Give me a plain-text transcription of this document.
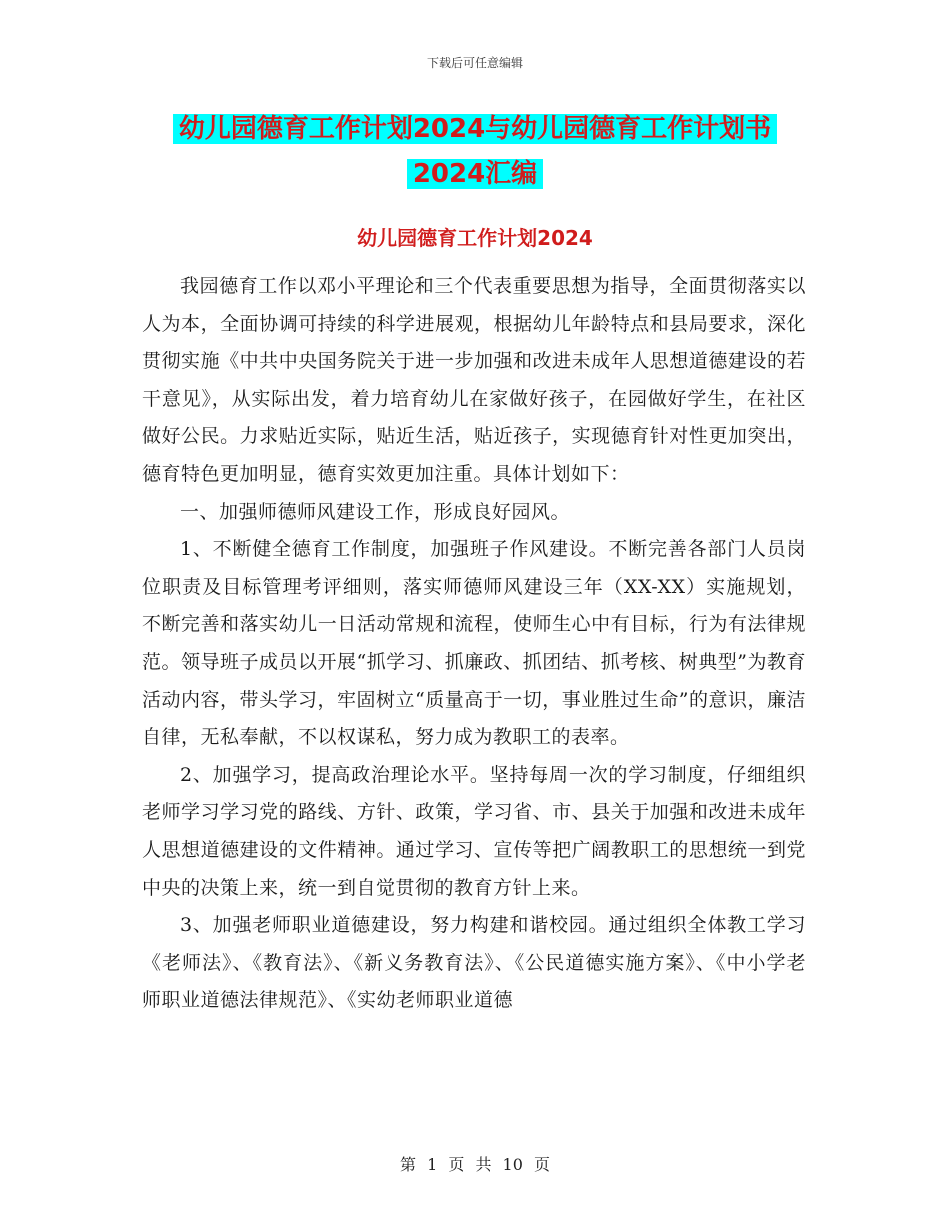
下载后可任意编辑
幼儿园德育工作计划2024与幼儿园德育工作计划书
2024汇编
幼儿园德育工作计划2024

我园德育工作以邓小平理论和三个代表重要思想为指导，全面贯彻落实以人为本，全面协调可持续的科学进展观，根据幼儿年龄特点和县局要求，深化贯彻实施《中共中央国务院关于进一步加强和改进未成年人思想道德建设的若干意见》，从实际出发，着力培育幼儿在家做好孩子，在园做好学生，在社区做好公民。力求贴近实际，贴近生活，贴近孩子，实现德育针对性更加突出，德育特色更加明显，德育实效更加注重。具体计划如下：

一、加强师德师风建设工作，形成良好园风。

1、不断健全德育工作制度，加强班子作风建设。不断完善各部门人员岗位职责及目标管理考评细则，落实师德师风建设三年（XX-XX）实施规划，不断完善和落实幼儿一日活动常规和流程，使师生心中有目标，行为有法律规范。领导班子成员以开展“抓学习、抓廉政、抓团结、抓考核、树典型”为教育活动内容，带头学习，牢固树立“质量高于一切，事业胜过生命”的意识，廉洁自律，无私奉献，不以权谋私，努力成为教职工的表率。

2、加强学习，提高政治理论水平。坚持每周一次的学习制度，仔细组织老师学习学习党的路线、方针、政策，学习省、市、县关于加强和改进未成年人思想道德建设的文件精神。通过学习、宣传等把广阔教职工的思想统一到党中央的决策上来，统一到自觉贯彻的教育方针上来。

3、加强老师职业道德建设，努力构建和谐校园。通过组织全体教工学习《老师法》、《教育法》、《新义务教育法》、《公民道德实施方案》、《中小学老师职业道德法律规范》、《实幼老师职业道德

第 1 页 共 10 页
